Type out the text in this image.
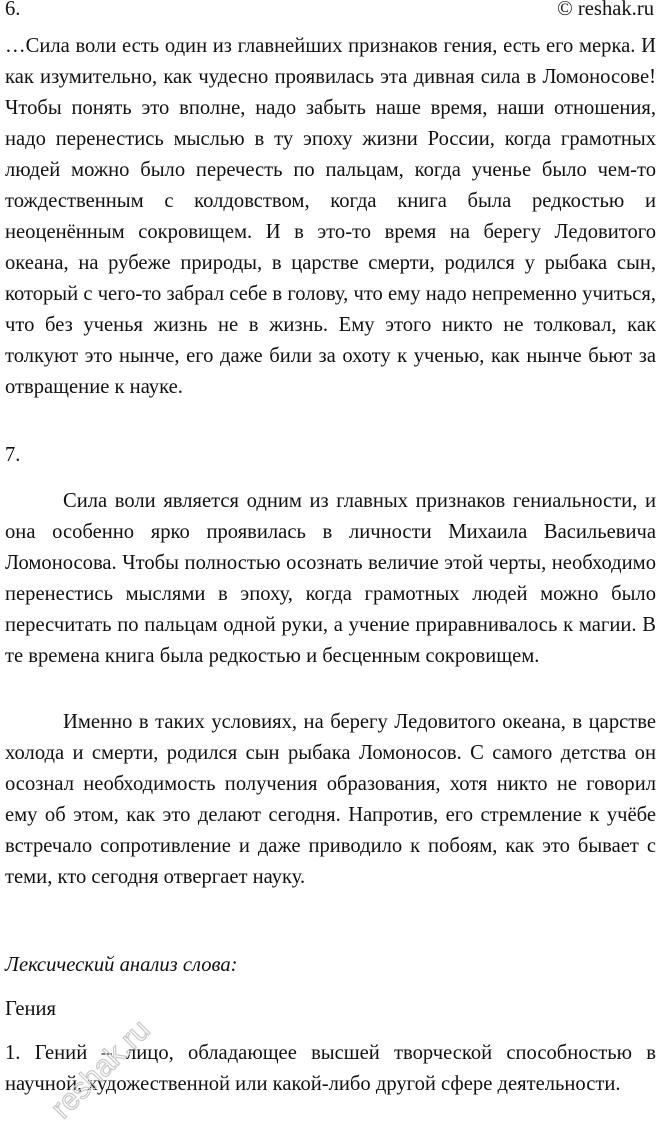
6.	© reshak.ru

…Сила воли есть один из главнейших признаков гения, есть его мерка. И как изумительно, как чудесно проявилась эта дивная сила в Ломоносове! Чтобы понять это вполне, надо забыть наше время, наши отношения, надо перенестись мыслью в ту эпоху жизни России, когда грамотных людей можно было перечесть по пальцам, когда ученье было чем-то тождественным с колдовством, когда книга была редкостью и неоценённым сокровищем. И в это-то время на берегу Ледовитого океана, на рубеже природы, в царстве смерти, родился у рыбака сын, который с чего-то забрал себе в голову, что ему надо непременно учиться, что без ученья жизнь не в жизнь. Ему этого никто не толковал, как толкуют это нынче, его даже били за охоту к ученью, как нынче бьют за отвращение к науке.

7.

Сила воли является одним из главных признаков гениальности, и она особенно ярко проявилась в личности Михаила Васильевича Ломоносова. Чтобы полностью осознать величие этой черты, необходимо перенестись мыслями в эпоху, когда грамотных людей можно было пересчитать по пальцам одной руки, а учение приравнивалось к магии. В те времена книга была редкостью и бесценным сокровищем.

Именно в таких условиях, на берегу Ледовитого океана, в царстве холода и смерти, родился сын рыбака Ломоносов. С самого детства он осознал необходимость получения образования, хотя никто не говорил ему об этом, как это делают сегодня. Напротив, его стремление к учёбе встречало сопротивление и даже приводило к побоям, как это бывает с теми, кто сегодня отвергает науку.

Лексический анализ слова:
Гения

1. Гений – лицо, обладающее высшей творческой способностью в научной, художественной или какой-либо другой сфере деятельности.

reshak.ru
